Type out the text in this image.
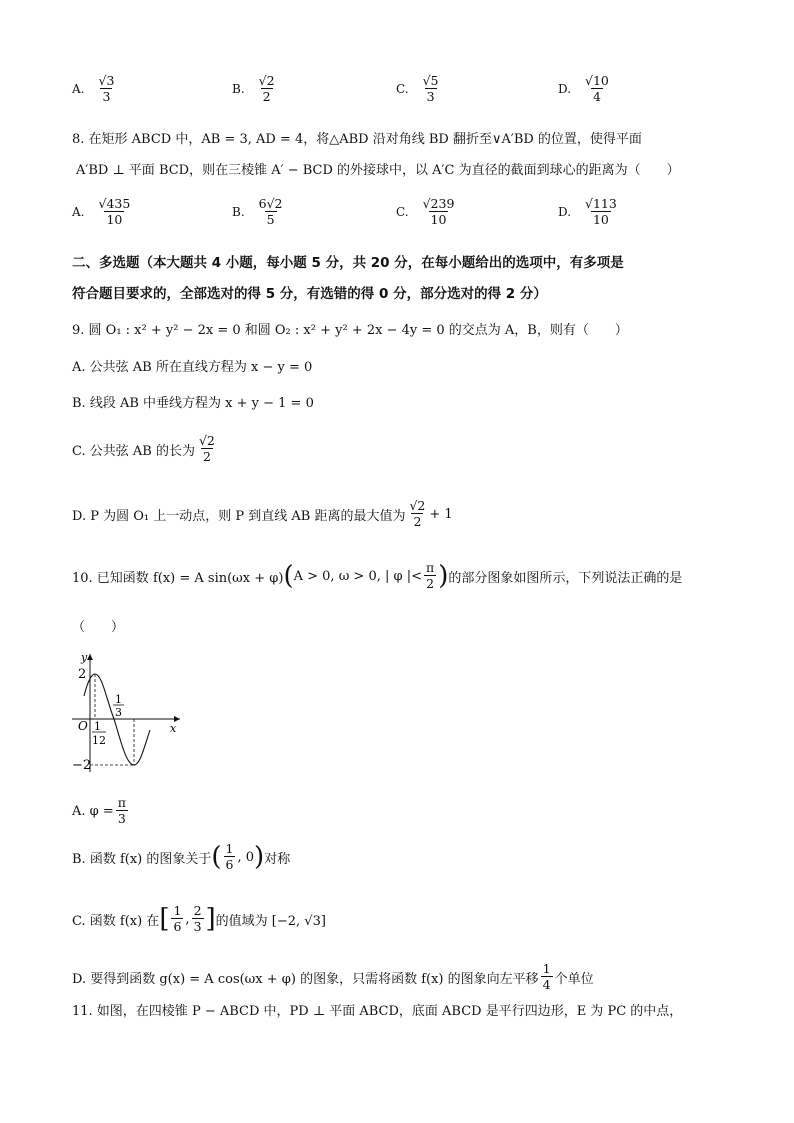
A. $\frac{√3}{3}$	B. $\frac{√2}{2}$	C. $\frac{√5}{3}$	D. $\frac{√10}{4}$
8. 在矩形 ABCD 中，AB = 3, AD = 4，将△ABD 沿对角线 BD 翻折至∨A′BD 的位置，使得平面
A′BD ⊥ 平面 BCD，则在三棱锥 A′ − BCD 的外接球中，以 A′C 为直径的截面到球心的距离为（　　）
A. $\frac{√435}{10}$	B. $\frac{6√2}{5}$	C. $\frac{√239}{10}$	D. $\frac{√113}{10}$
二、多选题（本大题共 4 小题，每小题 5 分，共 20 分，在每小题给出的选项中，有多项是
符合题目要求的，全部选对的得 5 分，有选错的得 0 分，部分选对的得 2 分）
9. 圆 O₁ : x² + y² − 2x = 0 和圆 O₂ : x² + y² + 2x − 4y = 0 的交点为 A，B，则有（　　）
A. 公共弦 AB 所在直线方程为 x − y = 0
B. 线段 AB 中垂线方程为 x + y − 1 = 0
C. 公共弦 AB 的长为 $\frac{√2}{2}$
D. P 为圆 O₁ 上一动点，则 P 到直线 AB 距离的最大值为 $\frac{√2}{2} + 1$
10. 已知函数 f(x) = A sin(ωx + φ) ( A > 0, ω > 0, | φ |< $\frac{\pi}{2}$ ) 的部分图象如图所示，下列说法正确的是
（　　）
y
x
O
2
−2
1
12
1
3
A. $\varphi = \frac{\pi}{3}$
B. 函数 f(x) 的图象关于 ( $\frac{1}{6}$ , 0 ) 对称
C. 函数 f(x) 在 [ $\frac{1}{6}$ , $\frac{2}{3}$ ] 的值域为 [−2, √3]
D. 要得到函数 g(x) = A cos(ωx + φ) 的图象，只需将函数 f(x) 的图象向左平移 $\frac{1}{4}$ 个单位
11. 如图，在四棱锥 P − ABCD 中，PD ⊥ 平面 ABCD，底面 ABCD 是平行四边形，E 为 PC 的中点，
